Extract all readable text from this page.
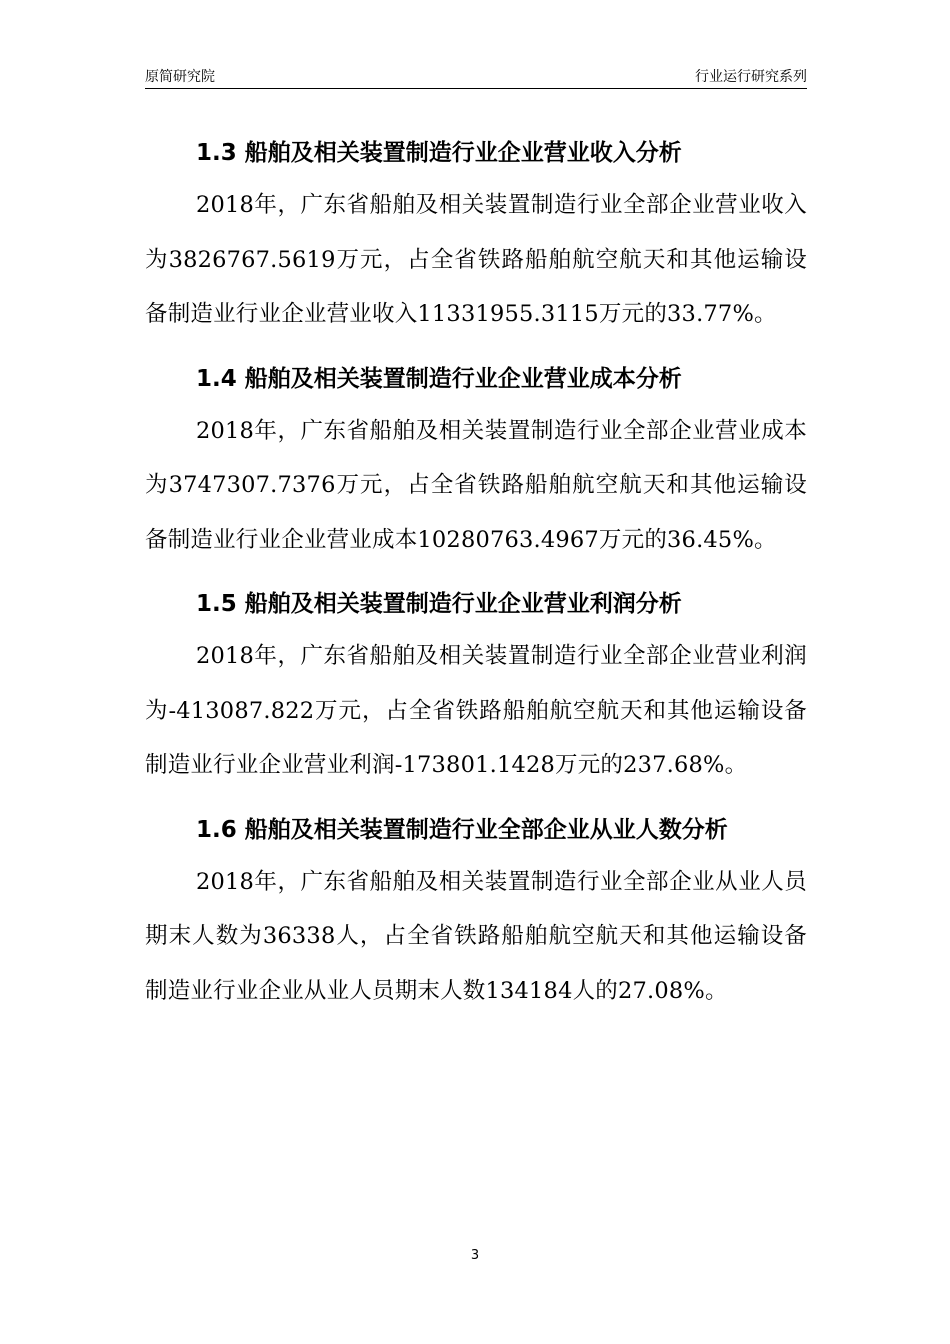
原简研究院	行业运行研究系列
1.3 船舶及相关装置制造行业企业营业收入分析

2018年，广东省船舶及相关装置制造行业全部企业营业收入为3826767.5619万元，占全省铁路船舶航空航天和其他运输设备制造业行业企业营业收入11331955.3115万元的33.77%。

1.4 船舶及相关装置制造行业企业营业成本分析

2018年，广东省船舶及相关装置制造行业全部企业营业成本为3747307.7376万元，占全省铁路船舶航空航天和其他运输设备制造业行业企业营业成本10280763.4967万元的36.45%。

1.5 船舶及相关装置制造行业企业营业利润分析

2018年，广东省船舶及相关装置制造行业全部企业营业利润为-413087.822万元，占全省铁路船舶航空航天和其他运输设备制造业行业企业营业利润-173801.1428万元的237.68%。

1.6 船舶及相关装置制造行业全部企业从业人数分析

2018年，广东省船舶及相关装置制造行业全部企业从业人员期末人数为36338人，占全省铁路船舶航空航天和其他运输设备制造业行业企业从业人员期末人数134184人的27.08%。

3
